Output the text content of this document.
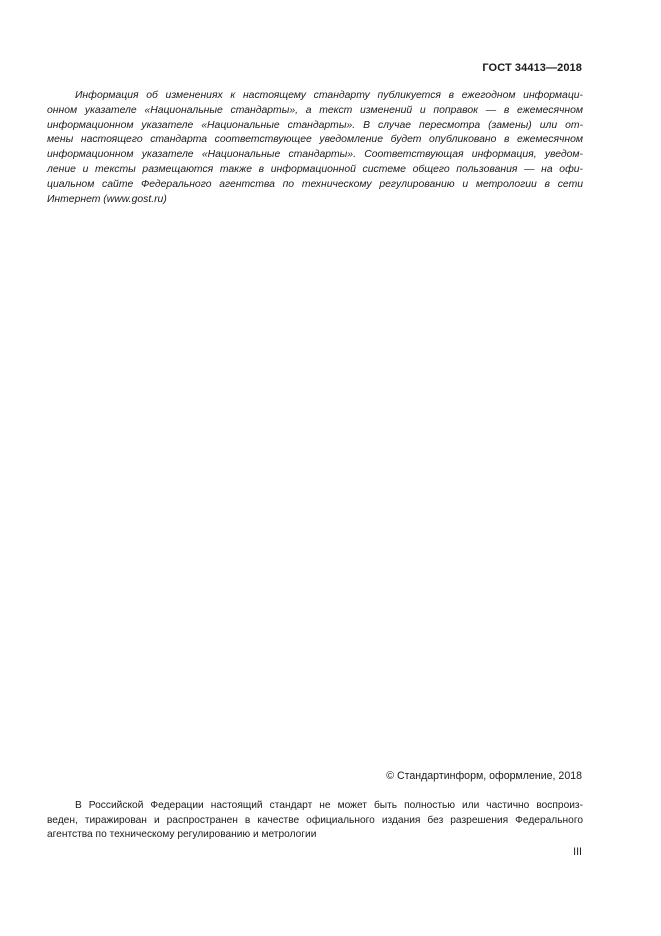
ГОСТ 34413—2018
Информация об изменениях к настоящему стандарту публикуется в ежегодном информаци-
онном указателе «Национальные стандарты», а текст изменений и поправок — в ежемесячном
информационном указателе «Национальные стандарты». В случае пересмотра (замены) или от-
мены настоящего стандарта соответствующее уведомление будет опубликовано в ежемесячном
информационном указателе «Национальные стандарты». Соответствующая информация, уведом-
ление и тексты размещаются также в информационной системе общего пользования — на офи-
циальном сайте Федерального агентства по техническому регулированию и метрологии в сети
Интернет (www.gost.ru)
© Стандартинформ, оформление, 2018
В Российской Федерации настоящий стандарт не может быть полностью или частично воспроиз-
веден, тиражирован и распространен в качестве официального издания без разрешения Федерального
агентства по техническому регулированию и метрологии
III
